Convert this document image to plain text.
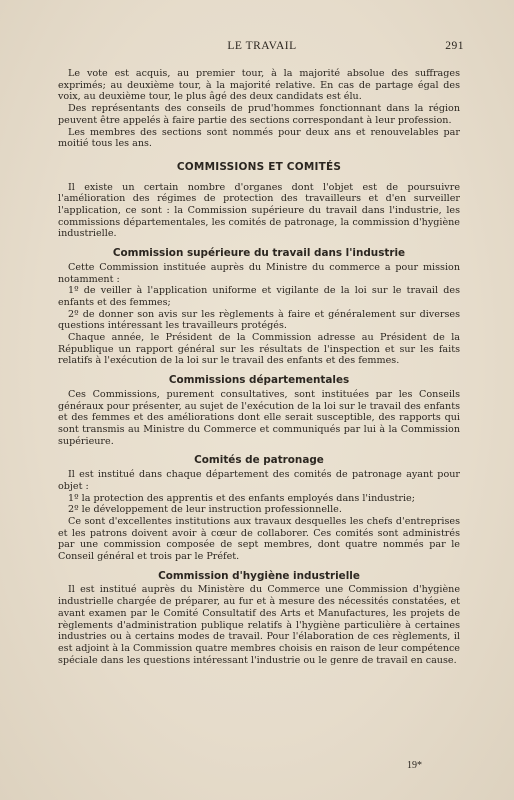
LE TRAVAIL	291

Le vote est acquis, au premier tour, à la majorité absolue des suffrages exprimés; au deuxième tour, à la majorité relative. En cas de partage égal des voix, au deuxième tour, le plus âgé des deux candidats est élu.

Des représentants des conseils de prud'hommes fonctionnant dans la région peuvent être appelés à faire partie des sections correspondant à leur profession.

Les membres des sections sont nommés pour deux ans et renouvelables par moitié tous les ans.

COMMISSIONS ET COMITÉS

Il existe un certain nombre d'organes dont l'objet est de poursuivre l'amélioration des régimes de protection des travailleurs et d'en surveiller l'application, ce sont : la Commission supérieure du travail dans l'industrie, les commissions départementales, les comités de patronage, la commission d'hygiène industrielle.

Commission supérieure du travail dans l'industrie

Cette Commission instituée auprès du Ministre du commerce a pour mission notamment :

1º de veiller à l'application uniforme et vigilante de la loi sur le travail des enfants et des femmes;

2º de donner son avis sur les règlements à faire et généralement sur diverses questions intéressant les travailleurs protégés.

Chaque année, le Président de la Commission adresse au Président de la République un rapport général sur les résultats de l'inspection et sur les faits relatifs à l'exécution de la loi sur le travail des enfants et des femmes.

Commissions départementales

Ces Commissions, purement consultatives, sont instituées par les Conseils généraux pour présenter, au sujet de l'exécution de la loi sur le travail des enfants et des femmes et des améliorations dont elle serait susceptible, des rapports qui sont transmis au Ministre du Commerce et communiqués par lui à la Commission supérieure.

Comités de patronage

Il est institué dans chaque département des comités de patronage ayant pour objet :

1º la protection des apprentis et des enfants employés dans l'industrie;

2º le développement de leur instruction professionnelle.

Ce sont d'excellentes institutions aux travaux desquelles les chefs d'entreprises et les patrons doivent avoir à cœur de collaborer. Ces comités sont administrés par une commission composée de sept membres, dont quatre nommés par le Conseil général et trois par le Préfet.

Commission d'hygiène industrielle

Il est institué auprès du Ministère du Commerce une Commission d'hygiène industrielle chargée de préparer, au fur et à mesure des nécessités constatées, et avant examen par le Comité Consultatif des Arts et Manufactures, les projets de règlements d'administration publique relatifs à l'hygiène particulière à certaines industries ou à certains modes de travail. Pour l'élaboration de ces règlements, il est adjoint à la Commission quatre membres choisis en raison de leur compétence spéciale dans les questions intéressant l'industrie ou le genre de travail en cause.

19*
